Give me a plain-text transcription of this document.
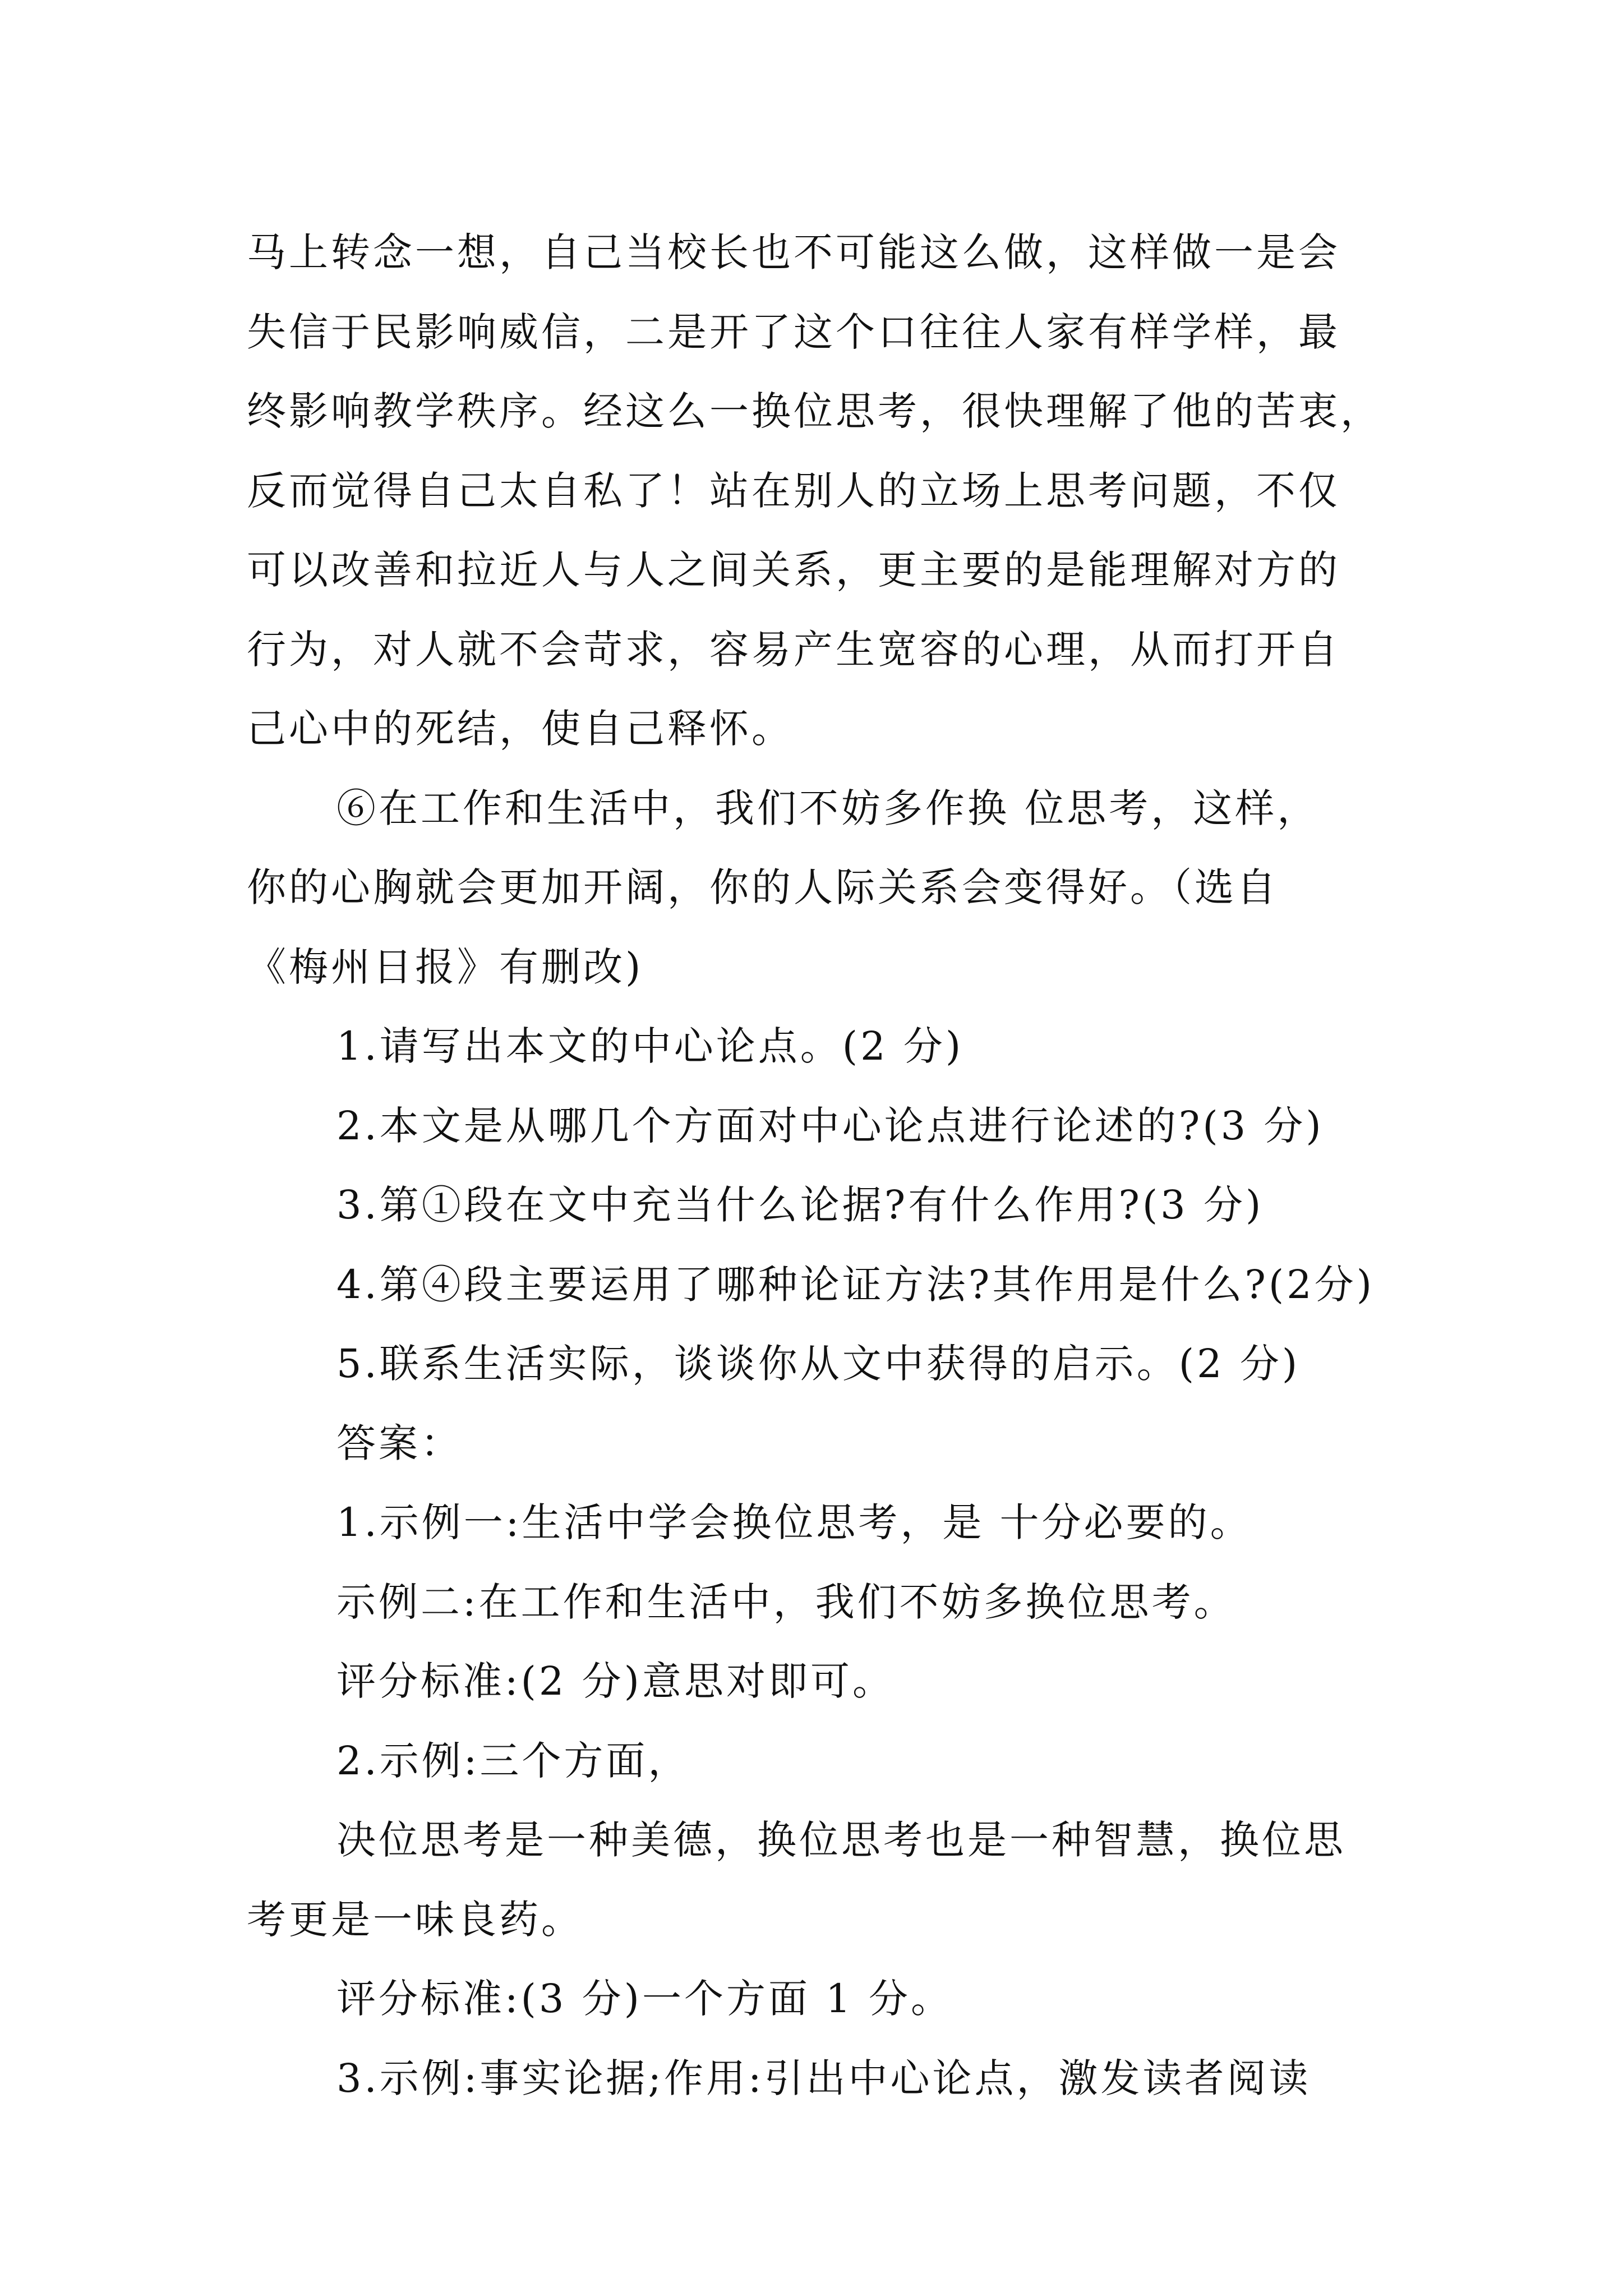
马上转念一想，自己当校长也不可能这么做，这样做一是会
失信于民影响威信，二是开了这个口往往人家有样学样，最
终影响教学秩序。经这么一换位思考，很快理解了他的苦衷，
反而觉得自己太自私了！站在别人的立场上思考问题，不仅
可以改善和拉近人与人之间关系，更主要的是能理解对方的
行为，对人就不会苛求，容易产生宽容的心理，从而打开自
己心中的死结，使自己释怀。
⑥在工作和生活中，我们不妨多作换 位思考，这样，
你的心胸就会更加开阔，你的人际关系会变得好。（选自
《梅州日报》有删改)
1.请写出本文的中心论点。(2 分)
2.本文是从哪几个方面对中心论点进行论述的?(3 分)
3.第①段在文中充当什么论据?有什么作用?(3 分)
4.第④段主要运用了哪种论证方法?其作用是什么?(2分)
5.联系生活实际，谈谈你从文中获得的启示。(2 分)
答案：
1.示例一:生活中学会换位思考，是 十分必要的。
示例二:在工作和生活中，我们不妨多换位思考。
评分标准:(2 分)意思对即可。
2.示例:三个方面，
决位思考是一种美德，换位思考也是一种智慧，换位思
考更是一味良药。
评分标准:(3 分)一个方面 1 分。
3.示例:事实论据;作用:引出中心论点，激发读者阅读
